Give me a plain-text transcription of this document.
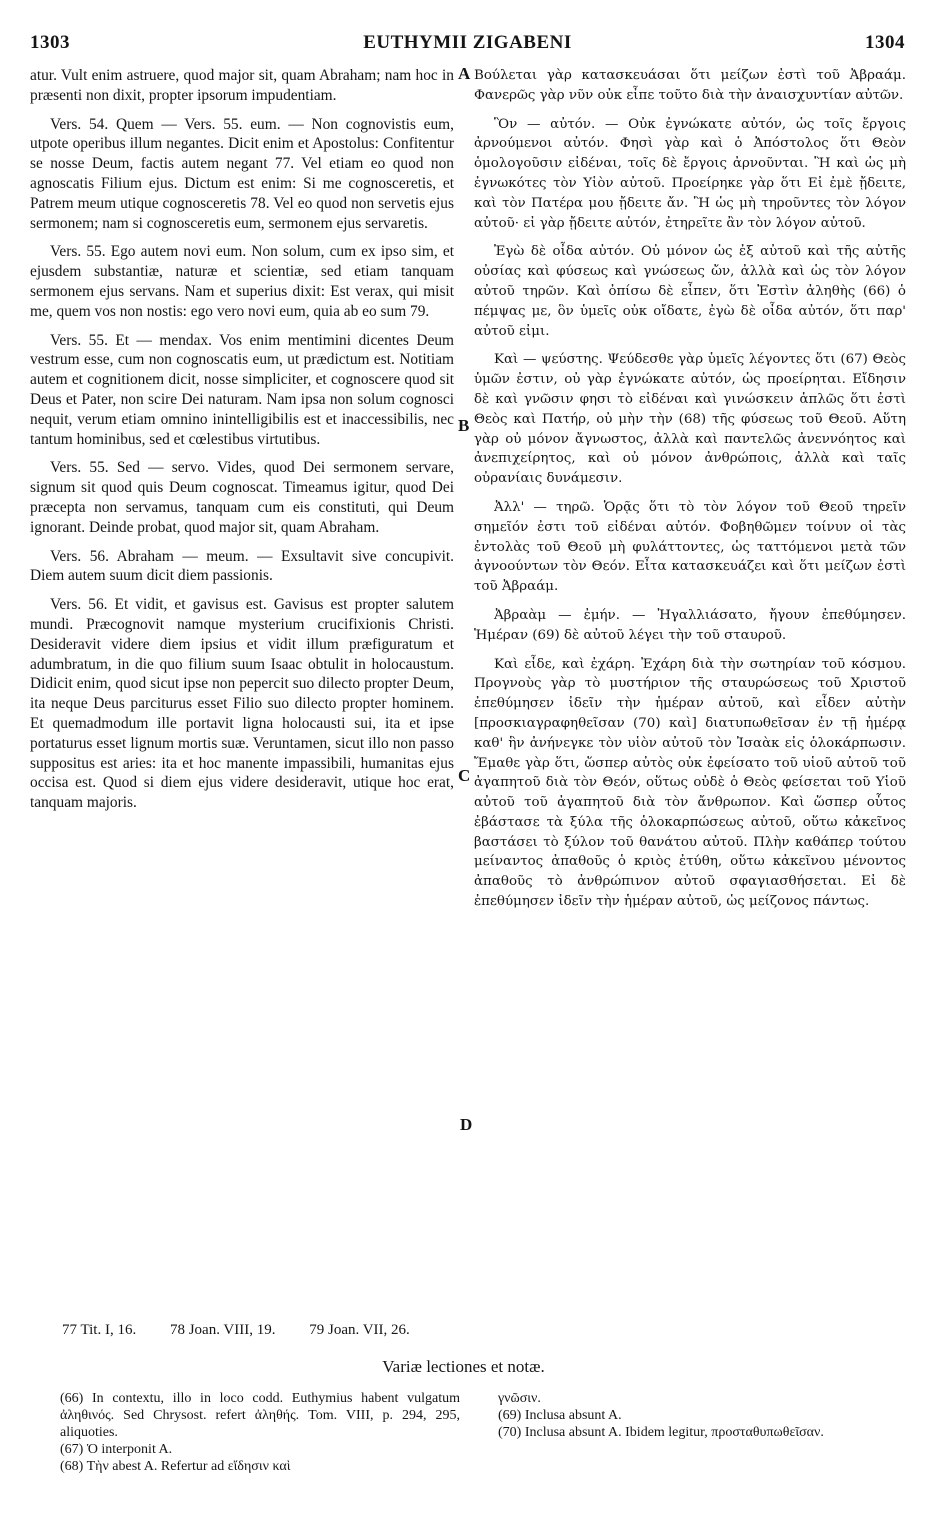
EUTHYMII ZIGABENI
1303	1304

atur. Vult enim astruere, quod major sit, quam Abraham; nam hoc in præsenti non dixit, propter ipsorum impudentiam.

Vers. 54. Quem — Vers. 55. eum. — Non cognovistis eum, utpote operibus illum negantes. Dicit enim et Apostolus: Confitentur se nosse Deum, factis autem negant 77. Vel etiam eo quod non agnoscatis Filium ejus. Dictum est enim: Si me cognosceretis, et Patrem meum utique cognosceretis 78. Vel eo quod non servetis ejus sermonem; nam si cognosceretis eum, sermonem ejus servaretis.

Vers. 55. Ego autem novi eum. Non solum, cum ex ipso sim, et ejusdem substantiæ, naturæ et scientiæ, sed etiam tanquam sermonem ejus servans. Nam et superius dixit: Est verax, qui misit me, quem vos non nostis: ego vero novi eum, quia ab eo sum 79.

Vers. 55. Et — mendax. Vos enim mentimini dicentes Deum vestrum esse, cum non cognoscatis eum, ut prædictum est. Notitiam autem et cognitionem dicit, nosse simpliciter, et cognoscere quod sit Deus et Pater, non scire Dei naturam. Nam ipsa non solum cognosci nequit, verum etiam omnino inintelligibilis est et inaccessibilis, nec tantum hominibus, sed et cœlestibus virtutibus.

Vers. 55. Sed — servo. Vides, quod Dei sermonem servare, signum sit quod quis Deum cognoscat. Timeamus igitur, quod Dei præcepta non servamus, tanquam cum eis constituti, qui Deum ignorant. Deinde probat, quod major sit, quam Abraham.

Vers. 56. Abraham — meum. — Exsultavit sive concupivit. Diem autem suum dicit diem passionis.

Vers. 56. Et vidit, et gavisus est. Gavisus est propter salutem mundi. Præcognovit namque mysterium crucifixionis Christi. Desideravit videre diem ipsius et vidit illum præfiguratum et adumbratum, in die quo filium suum Isaac obtulit in holocaustum. Didicit enim, quod sicut ipse non pepercit suo dilecto propter Deum, ita neque Deus parciturus esset Filio suo dilecto propter hominem. Et quemadmodum ille portavit ligna holocausti sui, ita et ipse portaturus esset lignum mortis suæ. Veruntamen, sicut illo non passo suppositus est aries: ita et hoc manente impassibili, humanitas ejus occisa est. Quod si diem ejus videre desideravit, utique hoc erat, tanquam majoris.

A
B
C
D

Βούλεται γὰρ κατασκευάσαι ὅτι μείζων ἐστὶ τοῦ Ἀβραάμ. Φανερῶς γὰρ νῦν οὐκ εἶπε τοῦτο διὰ τὴν ἀναισχυντίαν αὐτῶν.

Ὃν — αὐτόν. — Οὐκ ἐγνώκατε αὐτόν, ὡς τοῖς ἔργοις ἀρνούμενοι αὐτόν. Φησὶ γὰρ καὶ ὁ Ἀπόστολος ὅτι Θεὸν ὁμολογοῦσιν εἰδέναι, τοῖς δὲ ἔργοις ἀρνοῦνται. Ἢ καὶ ὡς μὴ ἐγνωκότες τὸν Υἱὸν αὐτοῦ. Προείρηκε γὰρ ὅτι Εἰ ἐμὲ ᾔδειτε, καὶ τὸν Πατέρα μου ᾔδειτε ἄν. Ἢ ὡς μὴ τηροῦντες τὸν λόγον αὐτοῦ· εἰ γὰρ ᾔδειτε αὐτόν, ἐτηρεῖτε ἂν τὸν λόγον αὐτοῦ.

Ἐγὼ δὲ οἶδα αὐτόν. Οὐ μόνον ὡς ἐξ αὐτοῦ καὶ τῆς αὐτῆς οὐσίας καὶ φύσεως καὶ γνώσεως ὤν, ἀλλὰ καὶ ὡς τὸν λόγον αὐτοῦ τηρῶν. Καὶ ὀπίσω δὲ εἶπεν, ὅτι Ἐστὶν ἀληθὴς (66) ὁ πέμψας με, ὃν ὑμεῖς οὐκ οἴδατε, ἐγὼ δὲ οἶδα αὐτόν, ὅτι παρ' αὐτοῦ εἰμι.

Καὶ — ψεύστης. Ψεύδεσθε γὰρ ὑμεῖς λέγοντες ὅτι (67) Θεὸς ὑμῶν ἐστιν, οὐ γὰρ ἐγνώκατε αὐτόν, ὡς προείρηται. Εἴδησιν δὲ καὶ γνῶσιν φησι τὸ εἰδέναι καὶ γινώσκειν ἁπλῶς ὅτι ἐστὶ Θεὸς καὶ Πατήρ, οὐ μὴν τὴν (68) τῆς φύσεως τοῦ Θεοῦ. Αὕτη γὰρ οὐ μόνον ἄγνωστος, ἀλλὰ καὶ παντελῶς ἀνεννόητος καὶ ἀνεπιχείρητος, καὶ οὐ μόνον ἀνθρώποις, ἀλλὰ καὶ ταῖς οὐρανίαις δυνάμεσιν.

Ἀλλ' — τηρῶ. Ὁρᾷς ὅτι τὸ τὸν λόγον τοῦ Θεοῦ τηρεῖν σημεῖόν ἐστι τοῦ εἰδέναι αὐτόν. Φοβηθῶμεν τοίνυν οἱ τὰς ἐντολὰς τοῦ Θεοῦ μὴ φυλάττοντες, ὡς ταττόμενοι μετὰ τῶν ἀγνοούντων τὸν Θεόν. Εἶτα κατασκευάζει καὶ ὅτι μείζων ἐστὶ τοῦ Ἀβραάμ.

Ἀβραὰμ — ἐμήν. — Ἠγαλλιάσατο, ἤγουν ἐπεθύμησεν. Ἡμέραν (69) δὲ αὐτοῦ λέγει τὴν τοῦ σταυροῦ.

Καὶ εἶδε, καὶ ἐχάρη. Ἐχάρη διὰ τὴν σωτηρίαν τοῦ κόσμου. Προγνοὺς γὰρ τὸ μυστήριον τῆς σταυρώσεως τοῦ Χριστοῦ ἐπεθύμησεν ἰδεῖν τὴν ἡμέραν αὐτοῦ, καὶ εἶδεν αὐτὴν [προσκιαγραφηθεῖσαν (70) καὶ] διατυπωθεῖσαν ἐν τῇ ἡμέρᾳ καθ' ἣν ἀνήνεγκε τὸν υἱὸν αὐτοῦ τὸν Ἰσαὰκ εἰς ὁλοκάρπωσιν. Ἔμαθε γὰρ ὅτι, ὥσπερ αὐτὸς οὐκ ἐφείσατο τοῦ υἱοῦ αὐτοῦ τοῦ ἀγαπητοῦ διὰ τὸν Θεόν, οὕτως οὐδὲ ὁ Θεὸς φείσεται τοῦ Υἱοῦ αὐτοῦ τοῦ ἀγαπητοῦ διὰ τὸν ἄνθρωπον. Καὶ ὥσπερ οὗτος ἐβάστασε τὰ ξύλα τῆς ὁλοκαρπώσεως αὐτοῦ, οὕτω κἀκεῖνος βαστάσει τὸ ξύλον τοῦ θανάτου αὐτοῦ. Πλὴν καθάπερ τούτου μείναντος ἀπαθοῦς ὁ κριὸς ἐτύθη, οὕτω κἀκεῖνου μένοντος ἀπαθοῦς τὸ ἀνθρώπινον αὐτοῦ σφαγιασθήσεται. Εἰ δὲ ἐπεθύμησεν ἰδεῖν τὴν ἡμέραν αὐτοῦ, ὡς μείζονος πάντως.

77 Tit. I, 16. 78 Joan. VIII, 19. 79 Joan. VII, 26.
Variæ lectiones et notæ.

(66) In contextu, illo in loco codd. Euthymius habent vulgatum ἀληθινός. Sed Chrysost. refert ἀληθής. Tom. VIII, p. 294, 295, aliquoties.

(67) Ὁ interponit A.

(68) Τὴν abest A. Refertur ad εἴδησιν καὶ

γνῶσιν.

(69) Inclusa absunt A.

(70) Inclusa absunt A. Ibidem legitur, προσταθυπωθεῖσαν.
